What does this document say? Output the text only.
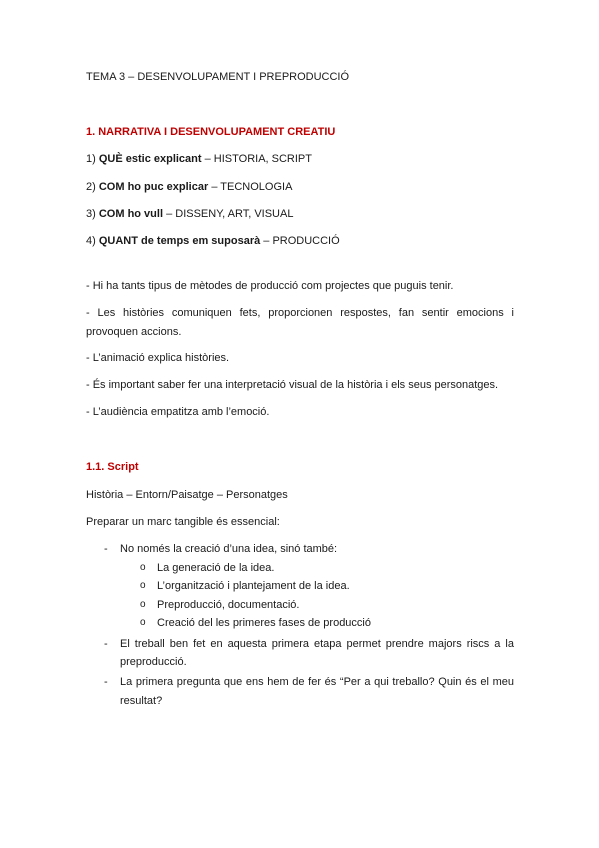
TEMA 3 – DESENVOLUPAMENT I PREPRODUCCIÓ
1. NARRATIVA I DESENVOLUPAMENT CREATIU
1) QUÈ estic explicant – HISTORIA, SCRIPT
2) COM ho puc explicar – TECNOLOGIA
3) COM ho vull – DISSENY, ART, VISUAL
4) QUANT de temps em suposarà – PRODUCCIÓ
- Hi ha tants tipus de mètodes de producció com projectes que puguis tenir.
- Les històries comuniquen fets, proporcionen respostes, fan sentir emocions i
provoquen accions.
- L’animació explica històries.
- És important saber fer una interpretació visual de la història i els seus personatges.
- L’audiència empatitza amb l’emoció.
1.1. Script
Història – Entorn/Paisatge – Personatges
Preparar un marc tangible és essencial:
- No només la creació d’una idea, sinó també:
o La generació de la idea.
o L’organització i plantejament de la idea.
o Preproducció, documentació.
o Creació del les primeres fases de producció
- El treball ben fet en aquesta primera etapa permet prendre majors riscs a la
preproducció.
- La primera pregunta que ens hem de fer és “Per a qui treballo? Quin és el meu
resultat?
